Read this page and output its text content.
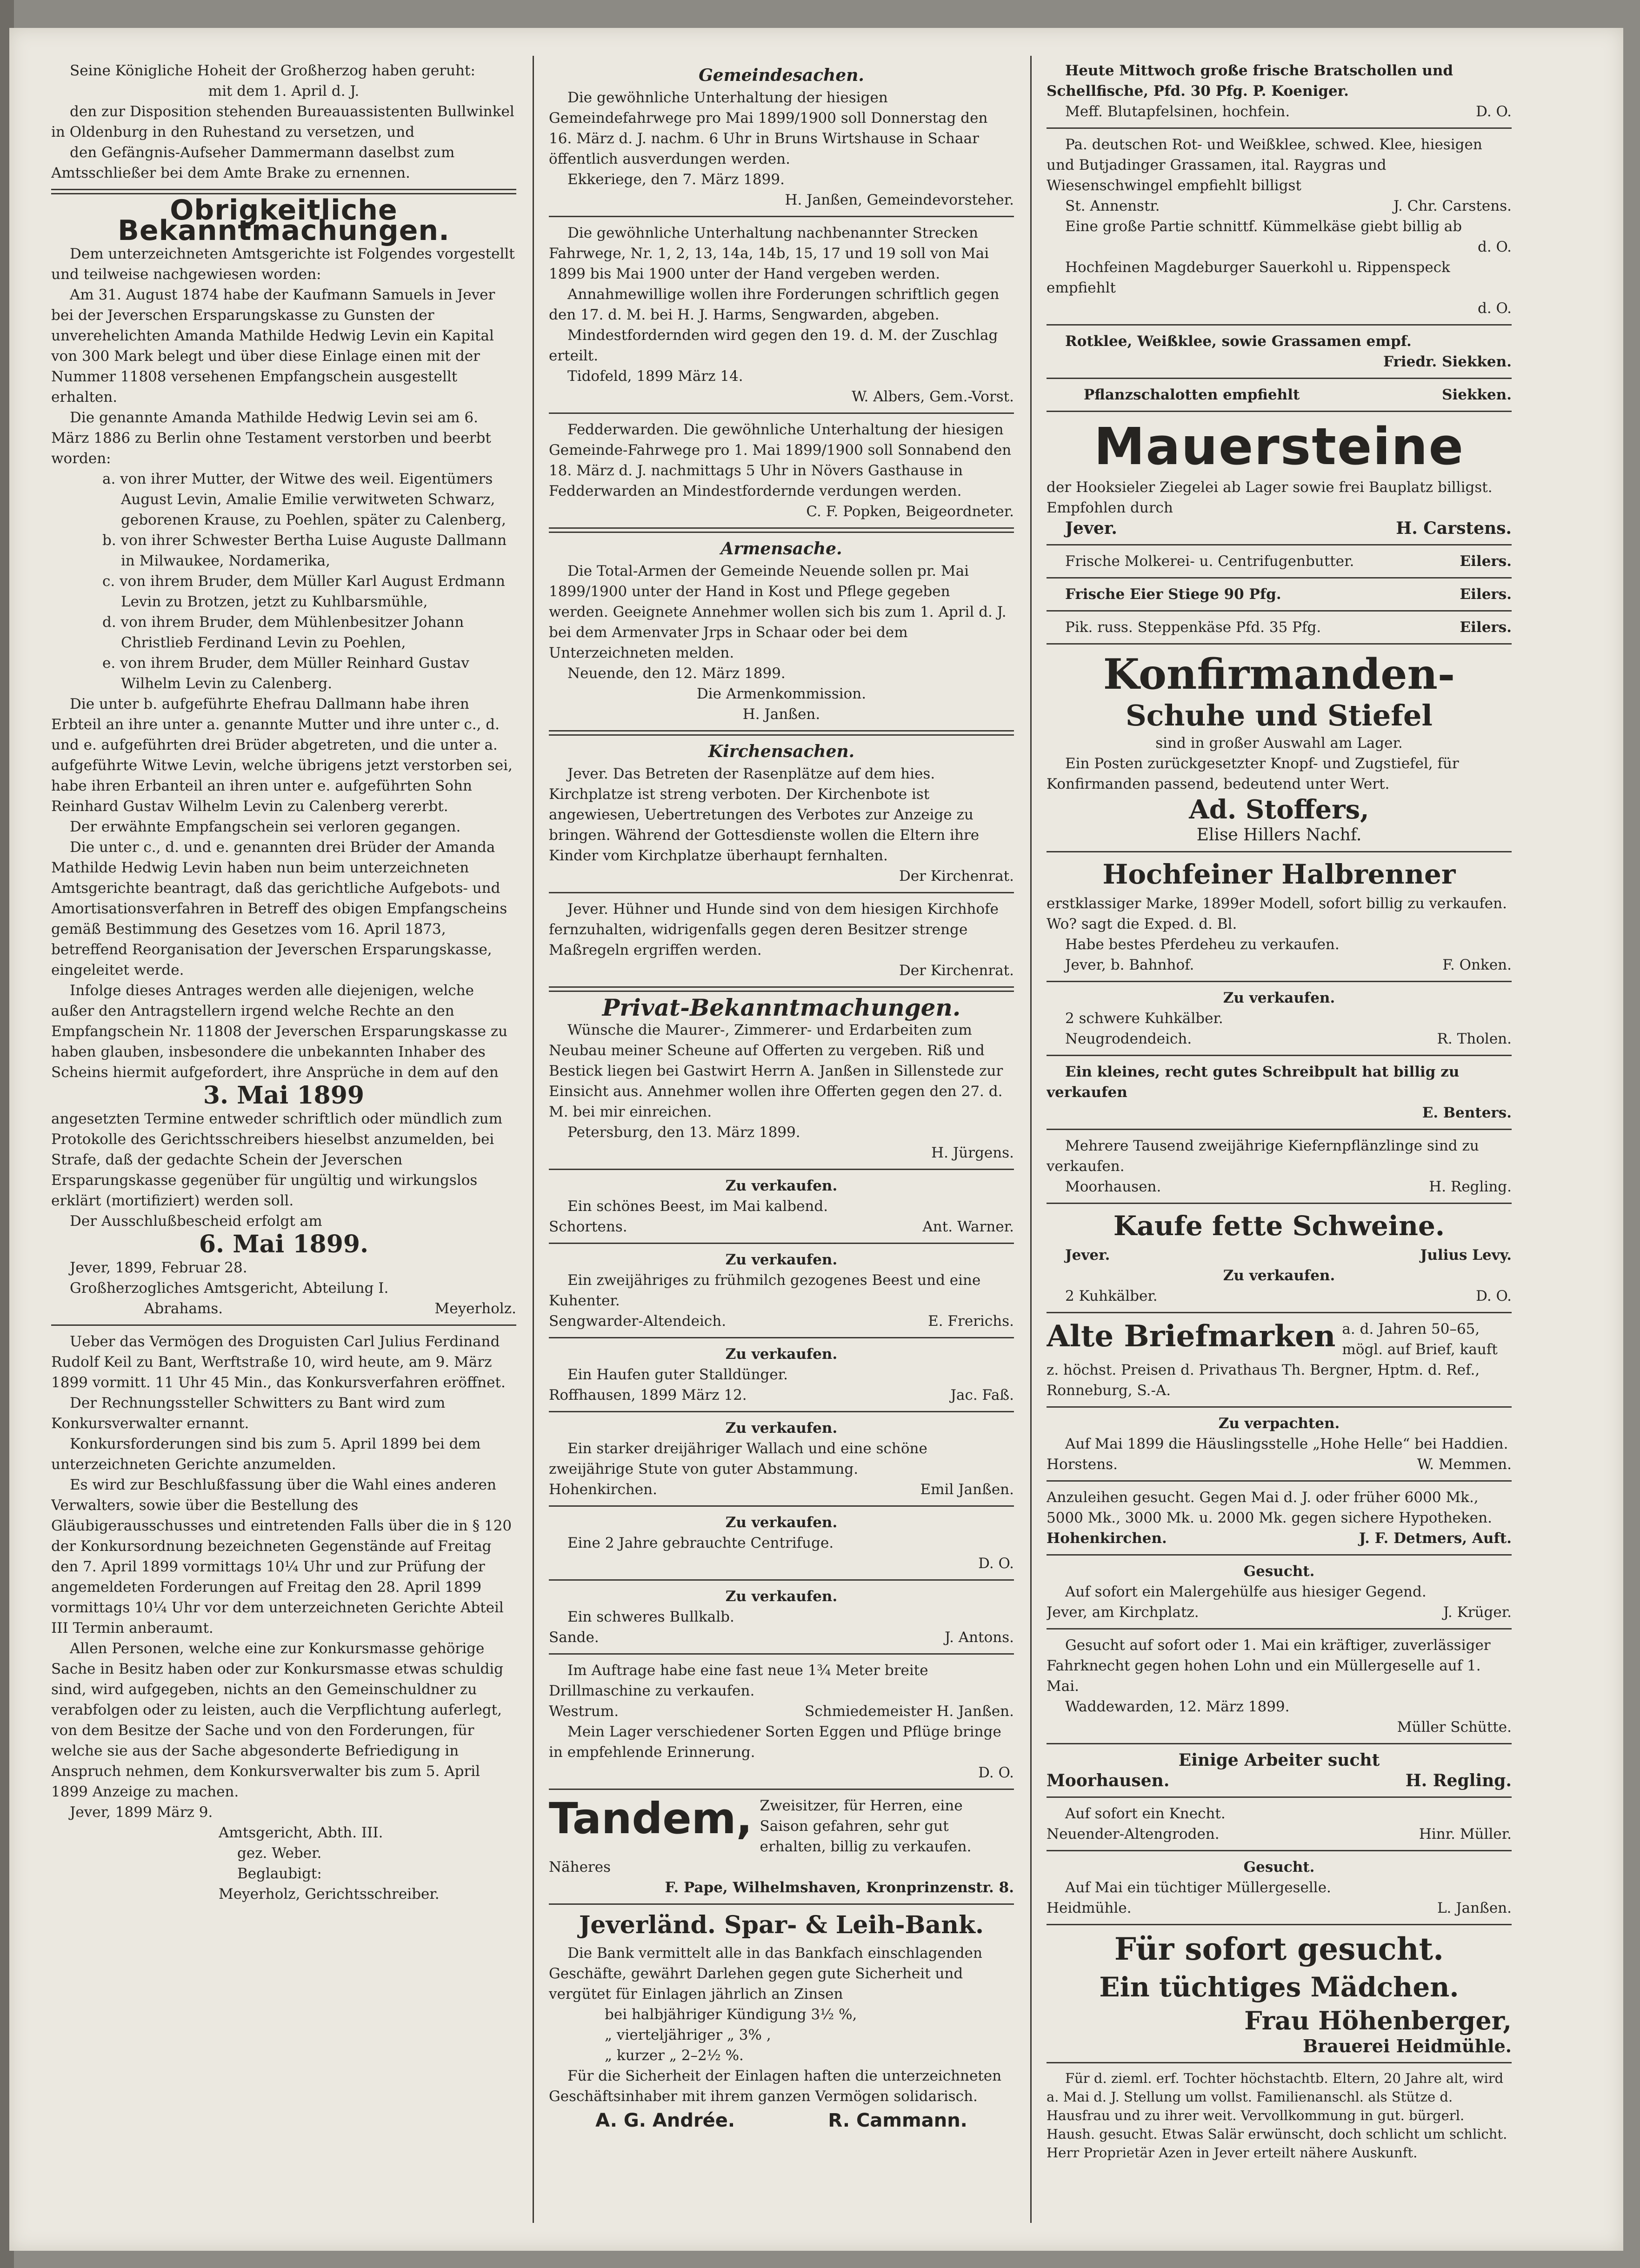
Seine Königliche Hoheit der Großherzog haben geruht:

mit dem 1. April d. J.

den zur Disposition stehenden Bureauassistenten Bullwinkel in Oldenburg in den Ruhestand zu versetzen, und

den Gefängnis-Aufseher Dammermann daselbst zum Amtsschließer bei dem Amte Brake zu ernennen.

Obrigkeitliche Bekanntmachungen.

Dem unterzeichneten Amtsgerichte ist Folgendes vorgestellt und teilweise nachgewiesen worden:

Am 31. August 1874 habe der Kaufmann Samuels in Jever bei der Jeverschen Ersparungskasse zu Gunsten der unverehelichten Amanda Mathilde Hedwig Levin ein Kapital von 300 Mark belegt und über diese Einlage einen mit der Nummer 11808 versehenen Empfangschein ausgestellt erhalten.

Die genannte Amanda Mathilde Hedwig Levin sei am 6. März 1886 zu Berlin ohne Testament verstorben und beerbt worden:

a. von ihrer Mutter, der Witwe des weil. Eigentümers August Levin, Amalie Emilie verwitweten Schwarz, geborenen Krause, zu Poehlen, später zu Calenberg,

b. von ihrer Schwester Bertha Luise Auguste Dallmann in Milwaukee, Nordamerika,

c. von ihrem Bruder, dem Müller Karl August Erdmann Levin zu Brotzen, jetzt zu Kuhlbarsmühle,

d. von ihrem Bruder, dem Mühlenbesitzer Johann Christlieb Ferdinand Levin zu Poehlen,

e. von ihrem Bruder, dem Müller Reinhard Gustav Wilhelm Levin zu Calenberg.

Die unter b. aufgeführte Ehefrau Dallmann habe ihren Erbteil an ihre unter a. genannte Mutter und ihre unter c., d. und e. aufgeführten drei Brüder abgetreten, und die unter a. aufgeführte Witwe Levin, welche übrigens jetzt verstorben sei, habe ihren Erbanteil an ihren unter e. aufgeführten Sohn Reinhard Gustav Wilhelm Levin zu Calenberg vererbt.

Der erwähnte Empfangschein sei verloren gegangen.

Die unter c., d. und e. genannten drei Brüder der Amanda Mathilde Hedwig Levin haben nun beim unterzeichneten Amtsgerichte beantragt, daß das gerichtliche Aufgebots- und Amortisationsverfahren in Betreff des obigen Empfangscheins gemäß Bestimmung des Gesetzes vom 16. April 1873, betreffend Reorganisation der Jeverschen Ersparungskasse, eingeleitet werde.

Infolge dieses Antrages werden alle diejenigen, welche außer den Antragstellern irgend welche Rechte an den Empfangschein Nr. 11808 der Jeverschen Ersparungskasse zu haben glauben, insbesondere die unbekannten Inhaber des Scheins hiermit aufgefordert, ihre Ansprüche in dem auf den

3. Mai 1899

angesetzten Termine entweder schriftlich oder mündlich zum Protokolle des Gerichtsschreibers hieselbst anzumelden, bei Strafe, daß der gedachte Schein der Jeverschen Ersparungskasse gegenüber für ungültig und wirkungslos erklärt (mortifiziert) werden soll.

Der Ausschlußbescheid erfolgt am

6. Mai 1899.

Jever, 1899, Februar 28.

Großherzogliches Amtsgericht, Abteilung I.

Abrahams.	Meyerholz.

Ueber das Vermögen des Droguisten Carl Julius Ferdinand Rudolf Keil zu Bant, Werftstraße 10, wird heute, am 9. März 1899 vormitt. 11 Uhr 45 Min., das Konkursverfahren eröffnet.

Der Rechnungssteller Schwitters zu Bant wird zum Konkursverwalter ernannt.

Konkursforderungen sind bis zum 5. April 1899 bei dem unterzeichneten Gerichte anzumelden.

Es wird zur Beschlußfassung über die Wahl eines anderen Verwalters, sowie über die Bestellung des Gläubigerausschusses und eintretenden Falls über die in § 120 der Konkursordnung bezeichneten Gegenstände auf Freitag den 7. April 1899 vormittags 10¼ Uhr und zur Prüfung der angemeldeten Forderungen auf Freitag den 28. April 1899 vormittags 10¼ Uhr vor dem unterzeichneten Gerichte Abteil III Termin anberaumt.

Allen Personen, welche eine zur Konkursmasse gehörige Sache in Besitz haben oder zur Konkursmasse etwas schuldig sind, wird aufgegeben, nichts an den Gemeinschuldner zu verabfolgen oder zu leisten, auch die Verpflichtung auferlegt, von dem Besitze der Sache und von den Forderungen, für welche sie aus der Sache abgesonderte Befriedigung in Anspruch nehmen, dem Konkursverwalter bis zum 5. April 1899 Anzeige zu machen.

Jever, 1899 März 9.

Amtsgericht, Abth. III.

gez. Weber.

Beglaubigt:

Meyerholz, Gerichtsschreiber.

Gemeindesachen.

Die gewöhnliche Unterhaltung der hiesigen Gemeindefahrwege pro Mai 1899/1900 soll Donnerstag den 16. März d. J. nachm. 6 Uhr in Bruns Wirtshause in Schaar öffentlich ausverdungen werden.

Ekkeriege, den 7. März 1899.

H. Janßen, Gemeindevorsteher.

Die gewöhnliche Unterhaltung nachbenannter Strecken Fahrwege, Nr. 1, 2, 13, 14a, 14b, 15, 17 und 19 soll von Mai 1899 bis Mai 1900 unter der Hand vergeben werden.

Annahmewillige wollen ihre Forderungen schriftlich gegen den 17. d. M. bei H. J. Harms, Sengwarden, abgeben.

Mindestfordernden wird gegen den 19. d. M. der Zuschlag erteilt.

Tidofeld, 1899 März 14.

W. Albers, Gem.-Vorst.

Fedderwarden. Die gewöhnliche Unterhaltung der hiesigen Gemeinde-Fahrwege pro 1. Mai 1899/1900 soll Sonnabend den 18. März d. J. nachmittags 5 Uhr in Növers Gasthause in Fedderwarden an Mindestfordernde verdungen werden.

C. F. Popken, Beigeordneter.

Armensache.

Die Total-Armen der Gemeinde Neuende sollen pr. Mai 1899/1900 unter der Hand in Kost und Pflege gegeben werden. Geeignete Annehmer wollen sich bis zum 1. April d. J. bei dem Armenvater Jrps in Schaar oder bei dem Unterzeichneten melden.

Neuende, den 12. März 1899.

Die Armenkommission.

H. Janßen.

Kirchensachen.

Jever. Das Betreten der Rasenplätze auf dem hies. Kirchplatze ist streng verboten. Der Kirchenbote ist angewiesen, Uebertretungen des Verbotes zur Anzeige zu bringen. Während der Gottesdienste wollen die Eltern ihre Kinder vom Kirchplatze überhaupt fernhalten.

Der Kirchenrat.

Jever. Hühner und Hunde sind von dem hiesigen Kirchhofe fernzuhalten, widrigenfalls gegen deren Besitzer strenge Maßregeln ergriffen werden.

Der Kirchenrat.

Privat-Bekanntmachungen.

Wünsche die Maurer-, Zimmerer- und Erdarbeiten zum Neubau meiner Scheune auf Offerten zu vergeben. Riß und Bestick liegen bei Gastwirt Herrn A. Janßen in Sillenstede zur Einsicht aus. Annehmer wollen ihre Offerten gegen den 27. d. M. bei mir einreichen.

Petersburg, den 13. März 1899.

H. Jürgens.

Zu verkaufen.

Ein schönes Beest, im Mai kalbend.

Schortens.	Ant. Warner.

Zu verkaufen.

Ein zweijähriges zu frühmilch gezogenes Beest und eine Kuhenter.

Sengwarder-Altendeich.	E. Frerichs.

Zu verkaufen.

Ein Haufen guter Stalldünger.

Roffhausen, 1899 März 12.	Jac. Faß.

Zu verkaufen.

Ein starker dreijähriger Wallach und eine schöne zweijährige Stute von guter Abstammung.

Hohenkirchen.	Emil Janßen.

Zu verkaufen.

Eine 2 Jahre gebrauchte Centrifuge.

D. O.

Zu verkaufen.

Ein schweres Bullkalb.

Sande.	J. Antons.

Im Auftrage habe eine fast neue 1¾ Meter breite Drillmaschine zu verkaufen.

Westrum.	Schmiedemeister H. Janßen.

Mein Lager verschiedener Sorten Eggen und Pflüge bringe in empfehlende Erinnerung.

D. O.

Tandem, Zweisitzer, für Herren, eine Saison gefahren, sehr gut erhalten, billig zu verkaufen. Näheres

F. Pape, Wilhelmshaven, Kronprinzenstr. 8.

Jeverländ. Spar- & Leih-Bank.

Die Bank vermittelt alle in das Bankfach einschlagenden Geschäfte, gewährt Darlehen gegen gute Sicherheit und vergütet für Einlagen jährlich an Zinsen

bei halbjähriger Kündigung 3½ %,

„ vierteljähriger „ 3% ,

„ kurzer „ 2–2½ %.

Für die Sicherheit der Einlagen haften die unterzeichneten Geschäftsinhaber mit ihrem ganzen Vermögen solidarisch.

A. G. Andrée.	R. Cammann.

Heute Mittwoch große frische Bratschollen und Schellfische, Pfd. 30 Pfg. P. Koeniger.

Meff. Blutapfelsinen, hochfein.	D. O.

Pa. deutschen Rot- und Weißklee, schwed. Klee, hiesigen und Butjadinger Grassamen, ital. Raygras und Wiesenschwingel empfiehlt billigst

St. Annenstr.	J. Chr. Carstens.

Eine große Partie schnittf. Kümmelkäse giebt billig ab

d. O.

Hochfeinen Magdeburger Sauerkohl u. Rippenspeck empfiehlt

d. O.

Rotklee, Weißklee, sowie Grassamen empf.

Friedr. Siekken.

Pflanzschalotten empfiehlt	Siekken.
Mauersteine

der Hooksieler Ziegelei ab Lager sowie frei Bauplatz billigst. Empfohlen durch

Jever.	H. Carstens.
Frische Molkerei- u. Centrifugenbutter.	Eilers.
Frische Eier Stiege 90 Pfg.	Eilers.
Pik. russ. Steppenkäse Pfd. 35 Pfg.	Eilers.
Konfirmanden-
Schuhe und Stiefel

sind in großer Auswahl am Lager.

Ein Posten zurückgesetzter Knopf- und Zugstiefel, für Konfirmanden passend, bedeutend unter Wert.

Ad. Stoffers,

Elise Hillers Nachf.

Hochfeiner Halbrenner

erstklassiger Marke, 1899er Modell, sofort billig zu verkaufen. Wo? sagt die Exped. d. Bl.

Habe bestes Pferdeheu zu verkaufen.

Jever, b. Bahnhof.	F. Onken.

Zu verkaufen.

2 schwere Kuhkälber.

Neugrodendeich.	R. Tholen.

Ein kleines, recht gutes Schreibpult hat billig zu verkaufen

E. Benters.

Mehrere Tausend zweijährige Kiefernpflänzlinge sind zu verkaufen.

Moorhausen.	H. Regling.
Kaufe fette Schweine.
Jever.	Julius Levy.

Zu verkaufen.

2 Kuhkälber.	D. O.
Alte Briefmarken a. d. Jahren 50–65, mögl. auf Brief, kauft z. höchst. Preisen d. Privathaus Th. Bergner, Hptm. d. Ref., Ronneburg, S.-A.

Zu verpachten.

Auf Mai 1899 die Häuslingsstelle „Hohe Helle“ bei Haddien.

Horstens.	W. Memmen.

Anzuleihen gesucht. Gegen Mai d. J. oder früher 6000 Mk., 5000 Mk., 3000 Mk. u. 2000 Mk. gegen sichere Hypotheken.

Hohenkirchen.	J. F. Detmers, Auft.

Gesucht.

Auf sofort ein Malergehülfe aus hiesiger Gegend.

Jever, am Kirchplatz.	J. Krüger.

Gesucht auf sofort oder 1. Mai ein kräftiger, zuverlässiger Fahrknecht gegen hohen Lohn und ein Müllergeselle auf 1. Mai.

Waddewarden, 12. März 1899.

Müller Schütte.

Einige Arbeiter sucht

Moorhausen.	H. Regling.

Auf sofort ein Knecht.

Neuender-Altengroden.	Hinr. Müller.

Gesucht.

Auf Mai ein tüchtiger Müllergeselle.

Heidmühle.	L. Janßen.
Für sofort gesucht.
Ein tüchtiges Mädchen.

Frau Höhenberger,

Brauerei Heidmühle.

Für d. zieml. erf. Tochter höchstachtb. Eltern, 20 Jahre alt, wird a. Mai d. J. Stellung um vollst. Familienanschl. als Stütze d. Hausfrau und zu ihrer weit. Vervollkommung in gut. bürgerl. Haush. gesucht. Etwas Salär erwünscht, doch schlicht um schlicht. Herr Proprietär Azen in Jever erteilt nähere Auskunft.
